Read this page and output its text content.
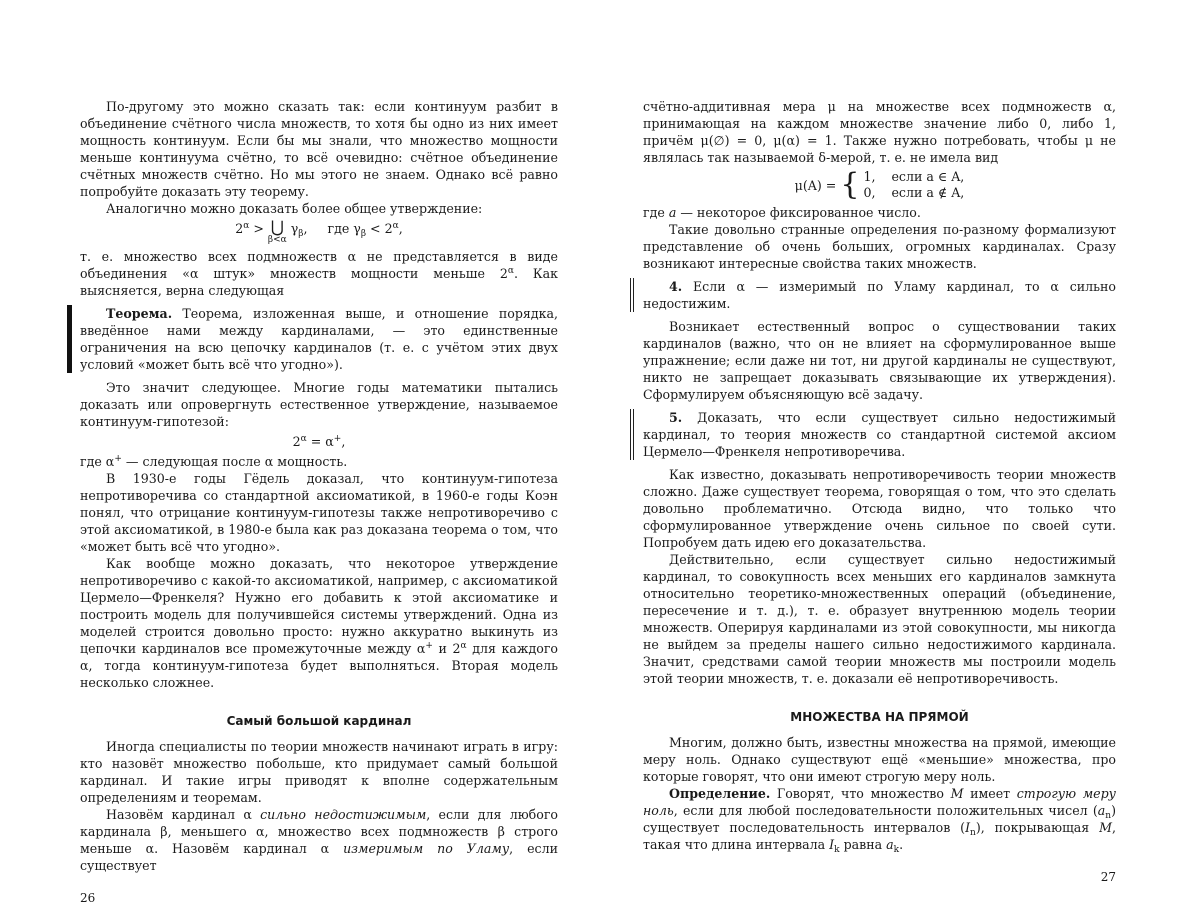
По-другому это можно сказать так: если континуум разбит в объединение счётного числа множеств, то хотя бы одно из них имеет мощность континуум. Если бы мы знали, что множество мощности меньше континуума счётно, то всё очевидно: счётное объединение счётных множеств счётно. Но мы этого не знаем. Однако всё равно попробуйте доказать эту теорему.

Аналогично можно доказать более общее утверждение:

2α > ⋃
β<α
γβ,     где γβ < 2α,

т. е. множество всех подмножеств α не представляется в виде объединения «α штук» множеств мощности меньше 2α. Как выясняется, верна следующая

Теорема. Теорема, изложенная выше, и отношение порядка, введённое нами между кардиналами, — это единственные ограничения на всю цепочку кардиналов (т. е. с учётом этих двух условий «может быть всё что угодно»).

Это значит следующее. Многие годы математики пытались доказать или опровергнуть естественное утверждение, называемое континуум-гипотезой:

2α = α+,

где α+ — следующая после α мощность.

В 1930-е годы Гёдель доказал, что континуум-гипотеза непротиворечива со стандартной аксиоматикой, в 1960-е годы Коэн понял, что отрицание континуум-гипотезы также непротиворечиво с этой аксиоматикой, в 1980-е была как раз доказана теорема о том, что «может быть всё что угодно».

Как вообще можно доказать, что некоторое утверждение непротиворечиво с какой-то аксиоматикой, например, с аксиоматикой Цермело—Френкеля? Нужно его добавить к этой аксиоматике и построить модель для получившейся системы утверждений. Одна из моделей строится довольно просто: нужно аккуратно выкинуть из цепочки кардиналов все промежуточные между α+ и 2α для каждого α, тогда континуум-гипотеза будет выполняться. Вторая модель несколько сложнее.

Самый большой кардинал

Иногда специалисты по теории множеств начинают играть в игру: кто назовёт множество побольше, кто придумает самый большой кардинал. И такие игры приводят к вполне содержательным определениям и теоремам.

Назовём кардинал α сильно недостижимым, если для любого кардинала β, меньшего α, множество всех подмножеств β строго меньше α. Назовём кардинал α измеримым по Уламу, если существует

26

счётно-аддитивная мера μ на множестве всех подмножеств α, принимающая на каждом множестве значение либо 0, либо 1, причём μ(∅) = 0, μ(α) = 1. Также нужно потребовать, чтобы μ не являлась так называемой δ-мерой, т. е. не имела вид

μ(A) = { 1,    если a ∈ A,
0,    если a ∉ A,

где a — некоторое фиксированное число.

Такие довольно странные определения по-разному формализуют представление об очень больших, огромных кардиналах. Сразу возникают интересные свойства таких множеств.

4. Если α — измеримый по Уламу кардинал, то α сильно недостижим.

Возникает естественный вопрос о существовании таких кардиналов (важно, что он не влияет на сформулированное выше упражнение; если даже ни тот, ни другой кардиналы не существуют, никто не запрещает доказывать связывающие их утверждения). Сформулируем объясняющую всё задачу.

5. Доказать, что если существует сильно недостижимый кардинал, то теория множеств со стандартной системой аксиом Цермело—Френкеля непротиворечива.

Как известно, доказывать непротиворечивость теории множеств сложно. Даже существует теорема, говорящая о том, что это сделать довольно проблематично. Отсюда видно, что только что сформулированное утверждение очень сильное по своей сути. Попробуем дать идею его доказательства.

Действительно, если существует сильно недостижимый кардинал, то совокупность всех меньших его кардиналов замкнута относительно теоретико-множественных операций (объединение, пересечение и т. д.), т. е. образует внутреннюю модель теории множеств. Оперируя кардиналами из этой совокупности, мы никогда не выйдем за пределы нашего сильно недостижимого кардинала. Значит, средствами самой теории множеств мы построили модель этой теории множеств, т. е. доказали её непротиворечивость.

МНОЖЕСТВА НА ПРЯМОЙ

Многим, должно быть, известны множества на прямой, имеющие меру ноль. Однако существуют ещё «меньшие» множества, про которые говорят, что они имеют строгую меру ноль.

Определение. Говорят, что множество M имеет строгую меру ноль, если для любой последовательности положительных чисел (an) существует последовательность интервалов (In), покрывающая M, такая что длина интервала Ik равна ak.

27
